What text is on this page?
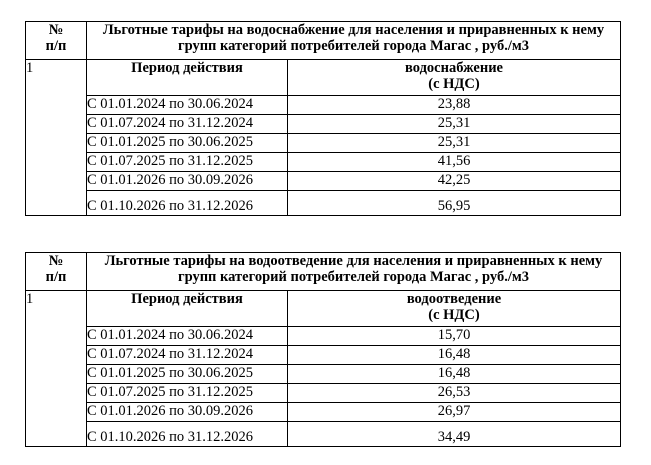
№
п/п	Льготные тарифы на водоснабжение для населения и приравненных к нему групп категорий потребителей города Магас , руб./м3	
1	Период действия	водоснабжение
(с НДС)
	С 01.01.2024 по 30.06.2024	23,88
	С 01.07.2024 по 31.12.2024	25,31
	С 01.01.2025 по 30.06.2025	25,31
	С 01.07.2025 по 31.12.2025	41,56
	С 01.01.2026 по 30.09.2026	42,25
	С 01.10.2026 по 31.12.2026	56,95
№
п/п	Льготные тарифы на водоотведение для населения и приравненных к нему групп категорий потребителей города Магас , руб./м3	
1	Период действия	водоотведение
(с НДС)
	С 01.01.2024 по 30.06.2024	15,70
	С 01.07.2024 по 31.12.2024	16,48
	С 01.01.2025 по 30.06.2025	16,48
	С 01.07.2025 по 31.12.2025	26,53
	С 01.01.2026 по 30.09.2026	26,97
	С 01.10.2026 по 31.12.2026	34,49
